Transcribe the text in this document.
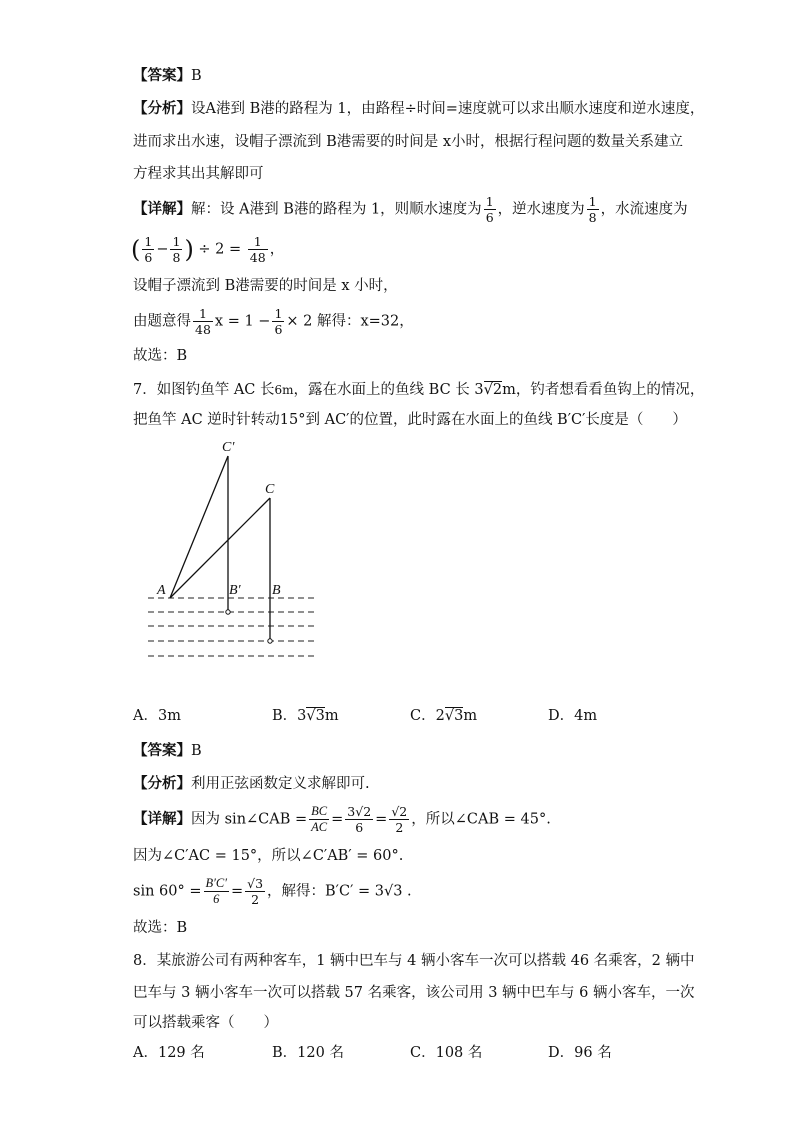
【答案】B
【分析】设A港到 B港的路程为 1，由路程÷时间=速度就可以求出顺水速度和逆水速度，
进而求出水速，设帽子漂流到 B港需要的时间是 x小时，根据行程问题的数量关系建立
方程求其出其解即可
【详解】解：设 A港到 B港的路程为 1，则顺水速度为 $\frac{1}{6}$ ，逆水速度为 $\frac{1}{8}$ ，水流速度为
( $\frac{1}{6} - \frac{1}{8}$ ) ÷ $2 = \frac{1}{48}$ ，
设帽子漂流到 B港需要的时间是 x 小时，
由题意得 $\frac{1}{48}$ $x = 1 - \frac{1}{6} \times 2$ 解得：x=32，
故选：B
7．如图钓鱼竿 AC 长6m，露在水面上的鱼线 BC 长 3√2m，钓者想看看鱼钩上的情况，
把鱼竿 AC 逆时针转动15°到 AC′的位置，此时露在水面上的鱼线 B′C′长度是（　　）
C′
C
A	B′ B
A．3m	B．3√3m	C．2√3m	D．4m
【答案】B
【分析】利用正弦函数定义求解即可.
【详解】因为 sin∠CAB = $\frac{BC}{AC} = \frac{3√2}{6} = \frac{√2}{2}$ ，所以∠CAB = 45°.
因为∠C′AC = 15°，所以∠C′AB′ = 60°.
$\sin 60^\circ = \frac{B'C'}{6} = \frac{√3}{2}$ ，解得：B′C′ = 3√3 .
故选：B
8．某旅游公司有两种客车，1 辆中巴车与 4 辆小客车一次可以搭载 46 名乘客，2 辆中
巴车与 3 辆小客车一次可以搭载 57 名乘客，该公司用 3 辆中巴车与 6 辆小客车，一次
可以搭载乘客（　　）
A．129 名	B．120 名	C．108 名	D．96 名
